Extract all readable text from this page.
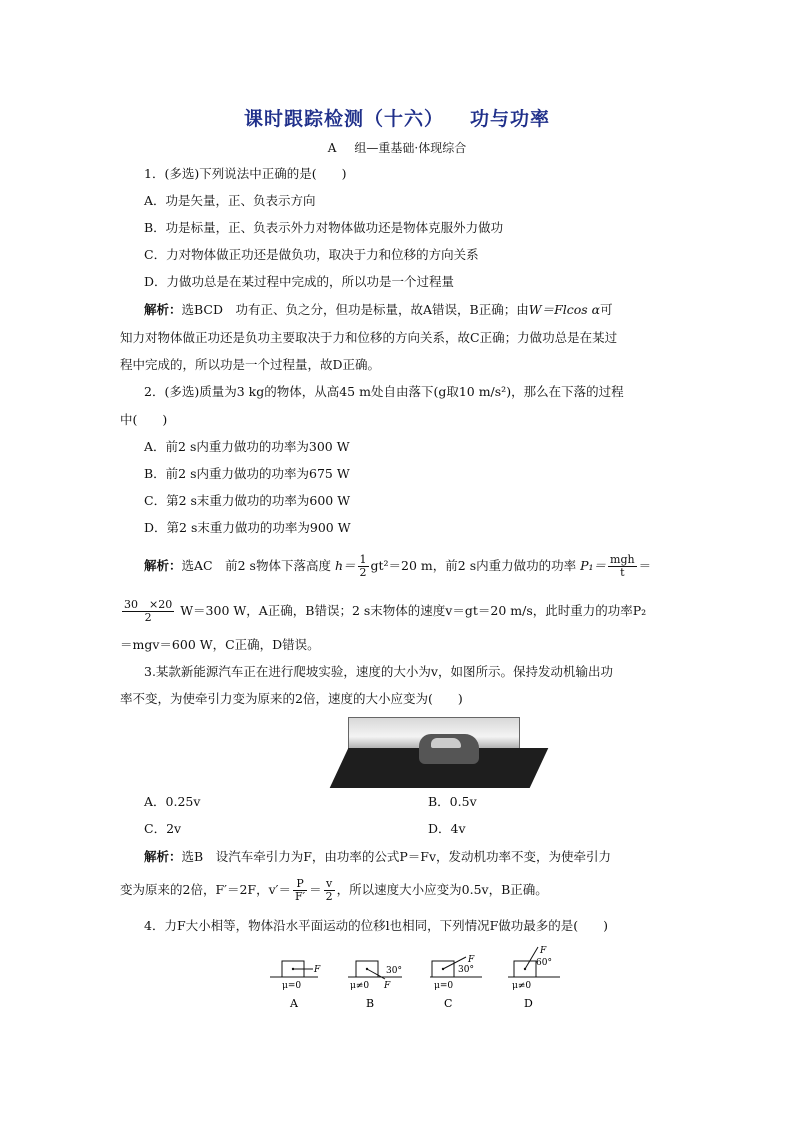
课时跟踪检测（十六） 功与功率
A 组—重基础·体现综合
1．(多选)下列说法中正确的是(　　)
A．功是矢量，正、负表示方向
B．功是标量，正、负表示外力对物体做功还是物体克服外力做功
C．力对物体做正功还是做负功，取决于力和位移的方向关系
D．力做功总是在某过程中完成的，所以功是一个过程量
解析：选BCD　功有正、负之分，但功是标量，故A错误，B正确；由W＝Flcos α可
知力对物体做正功还是负功主要取决于力和位移的方向关系，故C正确；力做功总是在某过
程中完成的，所以功是一个过程量，故D正确。
2．(多选)质量为3 kg的物体，从高45 m处自由落下(g取10 m/s²)，那么在下落的过程
中(　　)
A．前2 s内重力做功的功率为300 W
B．前2 s内重力做功的功率为675 W
C．第2 s末重力做功的功率为600 W
D．第2 s末重力做功的功率为900 W
解析：选AC　前2 s物体下落高度 $h= \frac{1}{2} gt^2=20$ m，前2 s内重力做功的功率 $P_1= \frac{\text{mgh}}{t}$ ＝
$\frac{30 \times 20}{2} W=300$ W，A正确，B错误；2 s末物体的速度v＝gt＝20 m/s，此时重力的功率P₂
＝mgv＝600 W，C正确，D错误。
3.某款新能源汽车正在进行爬坡实验，速度的大小为v，如图所示。保持发动机输出功
率不变，为使牵引力变为原来的2倍，速度的大小应变为(　　)
A．0.25v	B．0.5v
C．2v	D．4v
解析：选B　设汽车牵引力为F，由功率的公式P＝Fv，发动机功率不变，为使牵引力
变为原来的2倍，F′＝2F，$v'= \frac{P}{F'} = \frac{v}{2}$ ，所以速度大小应变为0.5v，B正确。
4．力F大小相等，物体沿水平面运动的位移l也相同，下列情况F做功最多的是(　　)
F
μ=0
A
F
30°
μ≠0
B
F
30°
μ=0
C
F
60°
μ≠0
D
